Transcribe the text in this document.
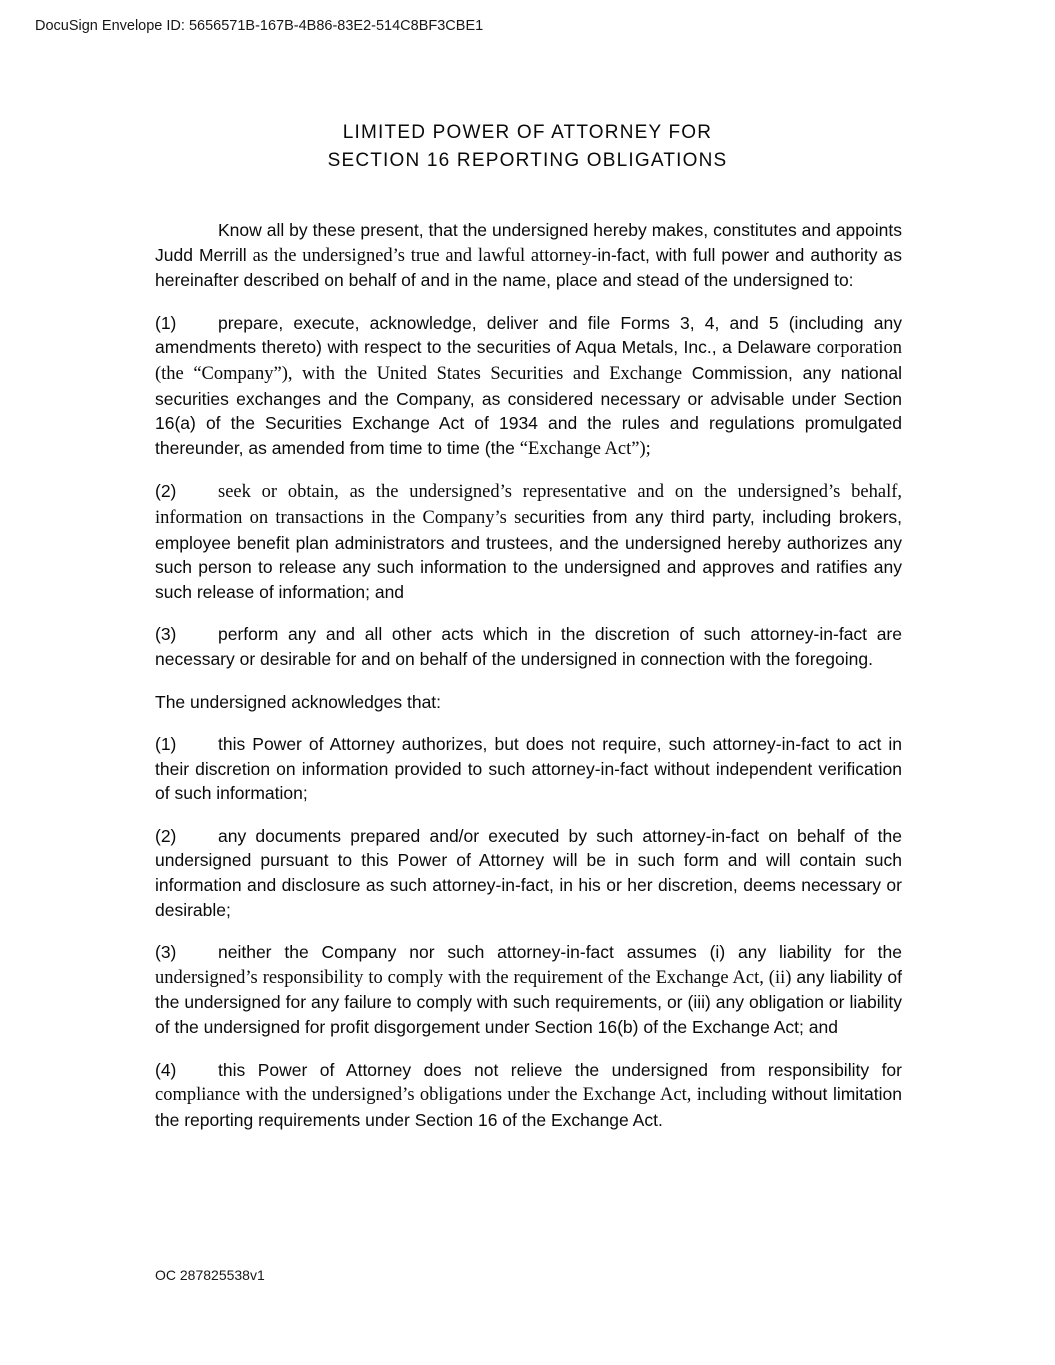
DocuSign Envelope ID: 5656571B-167B-4B86-83E2-514C8BF3CBE1
LIMITED POWER OF ATTORNEY FOR
SECTION 16 REPORTING OBLIGATIONS

Know all by these present, that the undersigned hereby makes, constitutes and appoints Judd Merrill as the undersigned’s true and lawful attorney-in-fact, with full power and authority as hereinafter described on behalf of and in the name, place and stead of the undersigned to:

(1) prepare, execute, acknowledge, deliver and file Forms 3, 4, and 5 (including any amendments thereto) with respect to the securities of Aqua Metals, Inc., a Delaware corporation (the “Company”), with the United States Securities and Exchange Commission, any national securities exchanges and the Company, as considered necessary or advisable under Section 16(a) of the Securities Exchange Act of 1934 and the rules and regulations promulgated thereunder, as amended from time to time (the “Exchange Act”);

(2) seek or obtain, as the undersigned’s representative and on the undersigned’s behalf, information on transactions in the Company’s securities from any third party, including brokers, employee benefit plan administrators and trustees, and the undersigned hereby authorizes any such person to release any such information to the undersigned and approves and ratifies any such release of information; and

(3) perform any and all other acts which in the discretion of such attorney-in-fact are necessary or desirable for and on behalf of the undersigned in connection with the foregoing.

The undersigned acknowledges that:

(1) this Power of Attorney authorizes, but does not require, such attorney-in-fact to act in their discretion on information provided to such attorney-in-fact without independent verification of such information;

(2) any documents prepared and/or executed by such attorney-in-fact on behalf of the undersigned pursuant to this Power of Attorney will be in such form and will contain such information and disclosure as such attorney-in-fact, in his or her discretion, deems necessary or desirable;

(3) neither the Company nor such attorney-in-fact assumes (i) any liability for the undersigned’s responsibility to comply with the requirement of the Exchange Act, (ii) any liability of the undersigned for any failure to comply with such requirements, or (iii) any obligation or liability of the undersigned for profit disgorgement under Section 16(b) of the Exchange Act; and

(4) this Power of Attorney does not relieve the undersigned from responsibility for compliance with the undersigned’s obligations under the Exchange Act, including without limitation the reporting requirements under Section 16 of the Exchange Act.

OC 287825538v1
